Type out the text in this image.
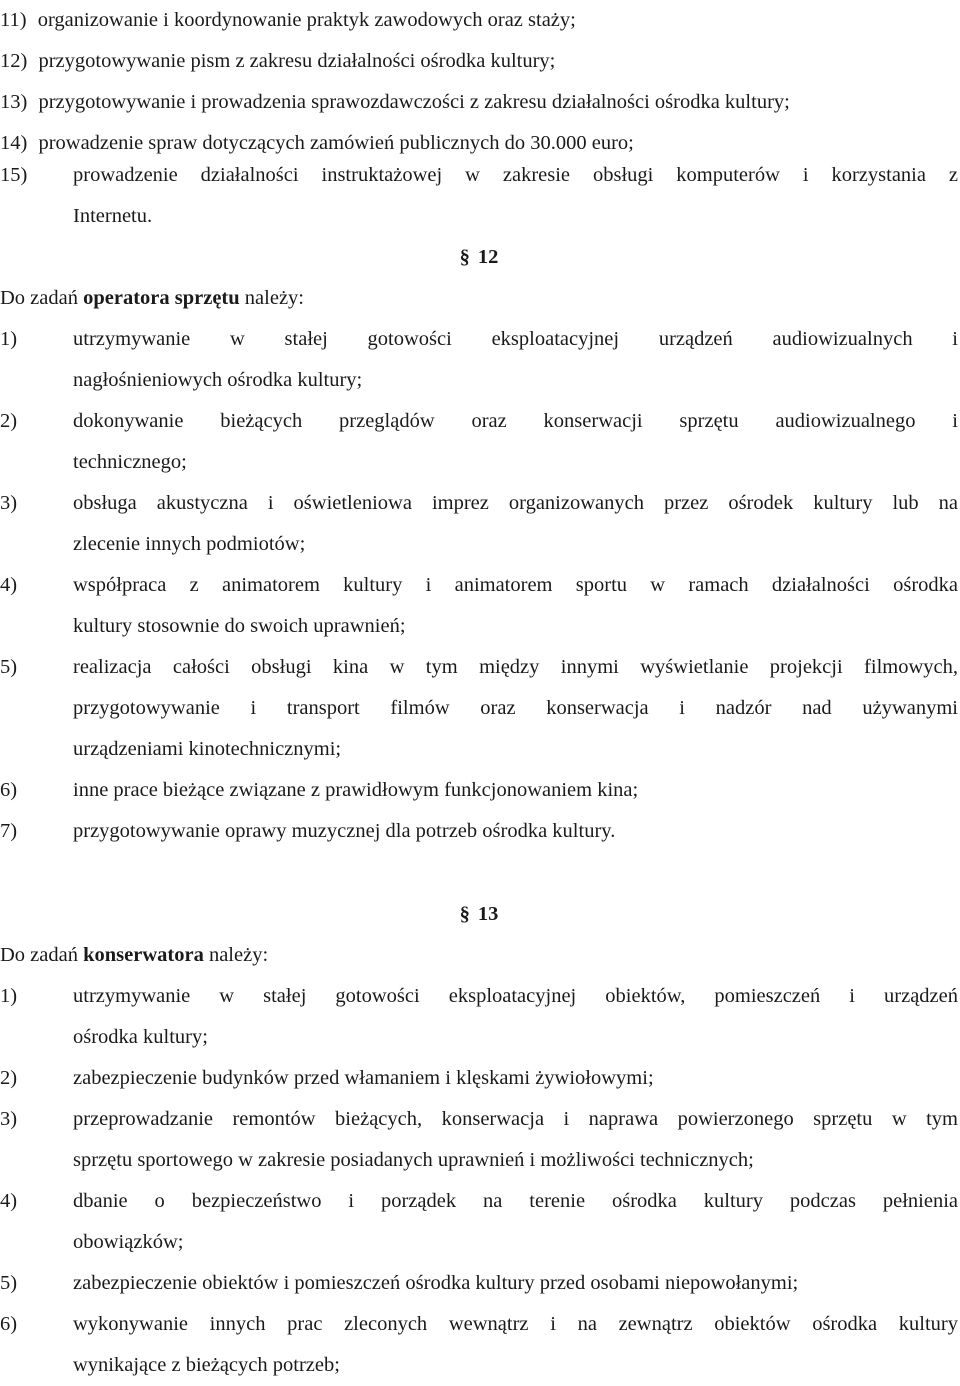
11) organizowanie i koordynowanie praktyk zawodowych oraz staży;
12) przygotowywanie pism z zakresu działalności ośrodka kultury;
13) przygotowywanie i prowadzenia sprawozdawczości z zakresu działalności ośrodka kultury;
14) prowadzenie spraw dotyczących zamówień publicznych do 30.000 euro;
15) prowadzenie działalności instruktażowej w zakresie obsługi komputerów i korzystania z
Internetu.
§ 12
Do zadań operatora sprzętu należy:
1)	utrzymywanie w stałej gotowości eksploatacyjnej urządzeń audiowizualnych i
nagłośnieniowych ośrodka kultury;
2)	dokonywanie bieżących przeglądów oraz konserwacji sprzętu audiowizualnego i
technicznego;
3)	obsługa akustyczna i oświetleniowa imprez organizowanych przez ośrodek kultury lub na
zlecenie innych podmiotów;
4)	współpraca z animatorem kultury i animatorem sportu w ramach działalności ośrodka
kultury stosownie do swoich uprawnień;
5)	realizacja całości obsługi kina w tym między innymi wyświetlanie projekcji filmowych,
przygotowywanie i transport filmów oraz konserwacja i nadzór nad używanymi
urządzeniami kinotechnicznymi;
6)	inne prace bieżące związane z prawidłowym funkcjonowaniem kina;
7)	przygotowywanie oprawy muzycznej dla potrzeb ośrodka kultury.
§ 13
Do zadań konserwatora należy:
1)	utrzymywanie w stałej gotowości eksploatacyjnej obiektów, pomieszczeń i urządzeń
ośrodka kultury;
2)	zabezpieczenie budynków przed włamaniem i klęskami żywiołowymi;
3)	przeprowadzanie remontów bieżących, konserwacja i naprawa powierzonego sprzętu w tym
sprzętu sportowego w zakresie posiadanych uprawnień i możliwości technicznych;
4)	dbanie o bezpieczeństwo i porządek na terenie ośrodka kultury podczas pełnienia
obowiązków;
5)	zabezpieczenie obiektów i pomieszczeń ośrodka kultury przed osobami niepowołanymi;
6)	wykonywanie innych prac zleconych wewnątrz i na zewnątrz obiektów ośrodka kultury
wynikające z bieżących potrzeb;
